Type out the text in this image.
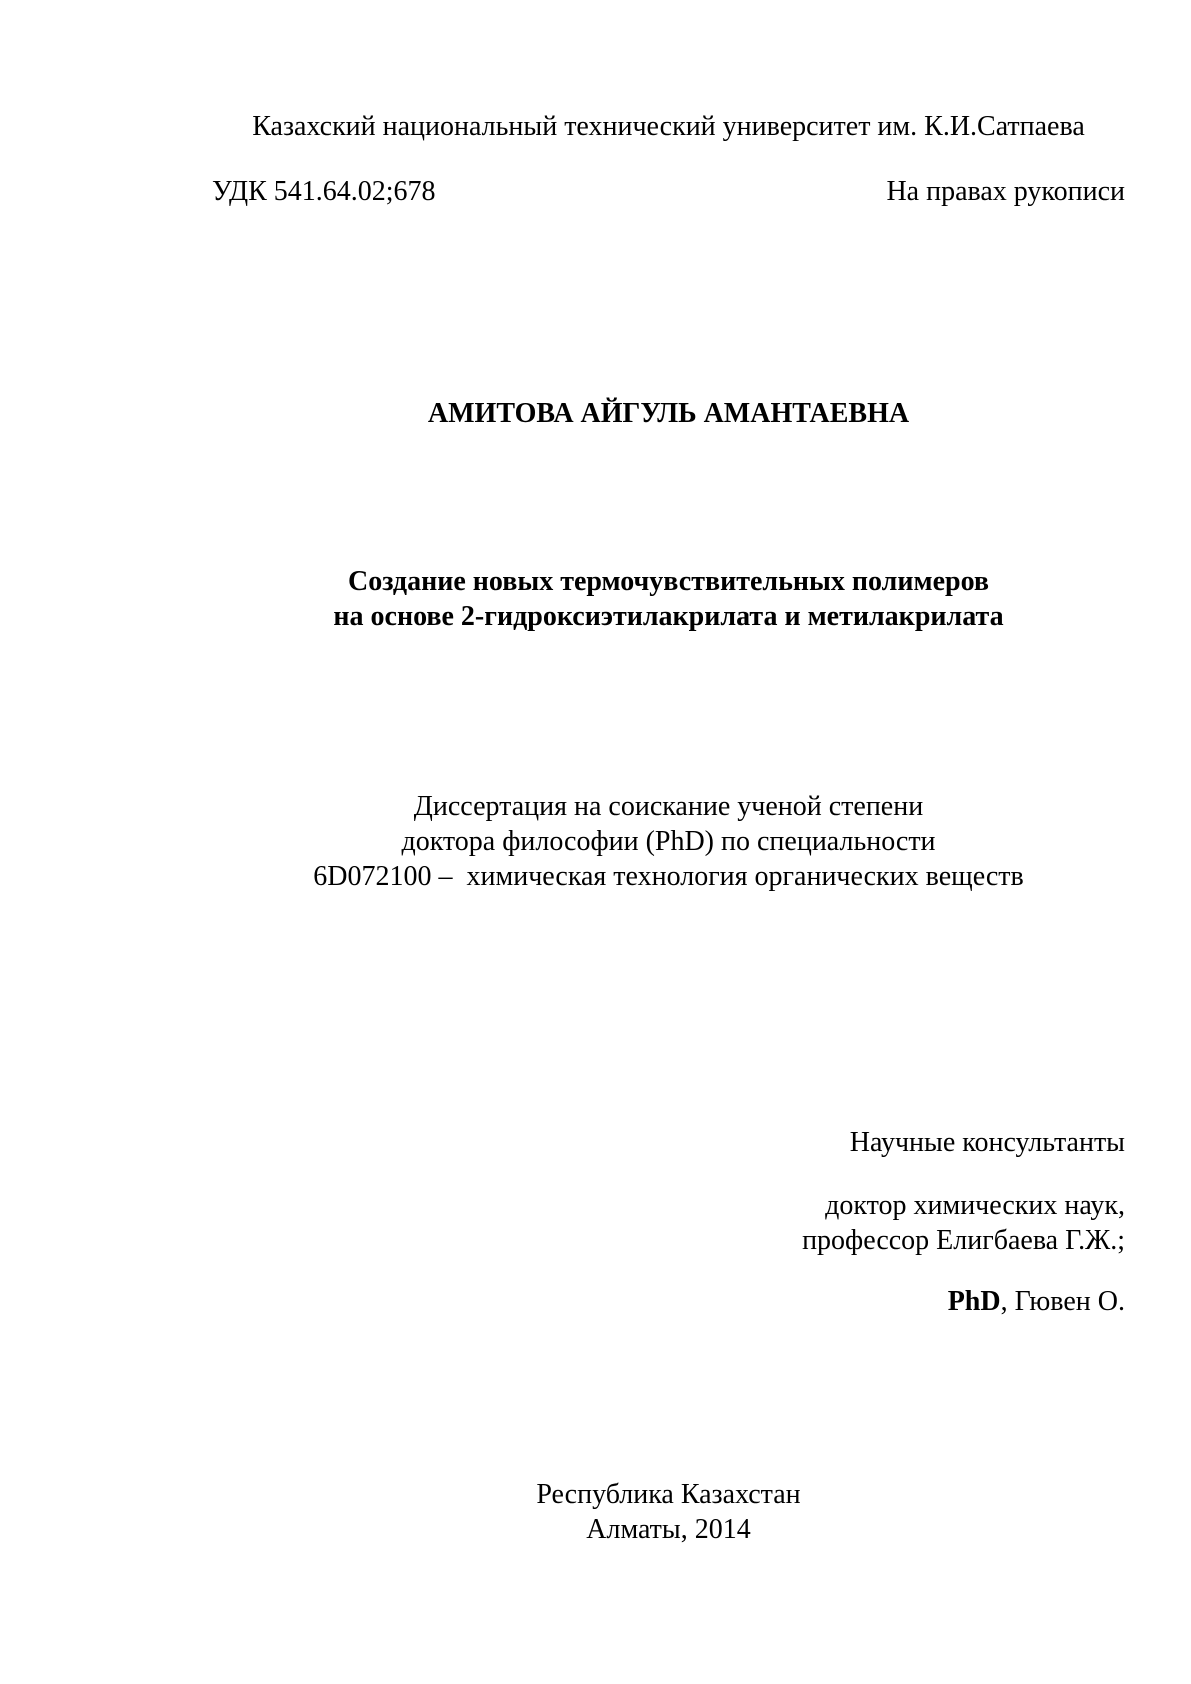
Казахский национальный технический университет им. К.И.Сатпаева
УДК 541.64.02;678	На правах рукописи
АМИТОВА АЙГУЛЬ АМАНТАЕВНА
Создание новых термочувствительных полимеров
на основе 2-гидроксиэтилакрилата и метилакрилата
Диссертация на соискание ученой степени
доктора философии (PhD) по специальности
6D072100 –  химическая технология органических веществ
Научные консультанты
доктор химических наук,
профессор Елигбаева Г.Ж.;
PhD, Гювен О.
Республика Казахстан
Алматы, 2014
